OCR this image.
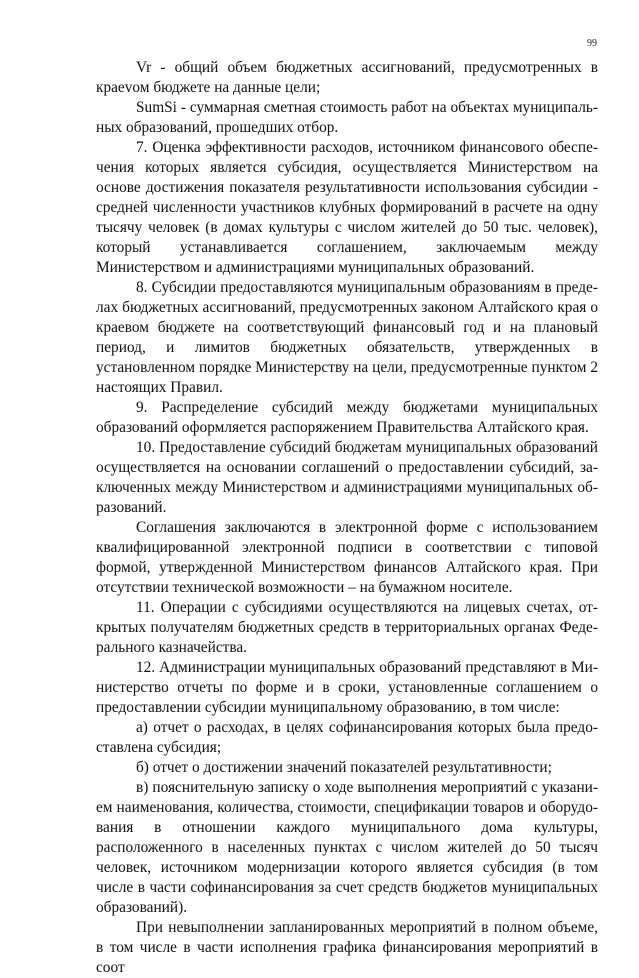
99

Vr - общий объем бюджетных ассигнований, предусмотренных в краеvом бюджете на данные цели;

SumSi - суммарная сметная стоимость работ на объектах муниципальных образований, прошедших отбор.

7. Оценка эффективности расходов, источником финансового обеспечения которых является субсидия, осуществляется Министерством на основе достижения показателя результативности использования субсидии - средней численности участников клубных формирований в расчете на одну тысячу человек (в домах культуры с числом жителей до 50 тыс. человек), который устанавливается соглашением, заключаемым между Министерством и администрациями муниципальных образований.

8. Субсидии предоставляются муниципальным образованиям в пределах бюджетных ассигнований, предусмотренных законом Алтайского края о краевом бюджете на соответствующий финансовый год и на плановый период, и лимитов бюджетных обязательств, утвержденных в установленном порядке Министерству на цели, предусмотренные пунктом 2 настоящих Правил.

9. Распределение субсидий между бюджетами муниципальных образований оформляется распоряжением Правительства Алтайского края.

10. Предоставление субсидий бюджетам муниципальных образований осуществляется на основании соглашений о предоставлении субсидий, заключенных между Министерством и администрациями муниципальных образований.

Соглашения заключаются в электронной форме с использованием квалифицированной электронной подписи в соответствии с типовой формой, утвержденной Министерством финансов Алтайского края. При отсутствии технической возможности – на бумажном носителе.

11. Операции с субсидиями осуществляются на лицевых счетах, открытых получателям бюджетных средств в территориальных органах Федерального казначейства.

12. Администрации муниципальных образований представляют в Министерство отчеты по форме и в сроки, установленные соглашением о предоставлении субсидии муниципальному образованию, в том числе:

а) отчет о расходах, в целях софинансирования которых была предоставлена субсидия;

б) отчет о достижении значений показателей результативности;

в) пояснительную записку о ходе выполнения мероприятий с указанием наименования, количества, стоимости, спецификации товаров и оборудования в отношении каждого муниципального дома культуры, расположенного в населенных пунктах с числом жителей до 50 тысяч человек, источником модернизации которого является субсидия (в том числе в части софинансирования за счет средств бюджетов муниципальных образований).

При невыполнении запланированных мероприятий в полном объеме, в том числе в части исполнения графика финансирования мероприятий в соот
